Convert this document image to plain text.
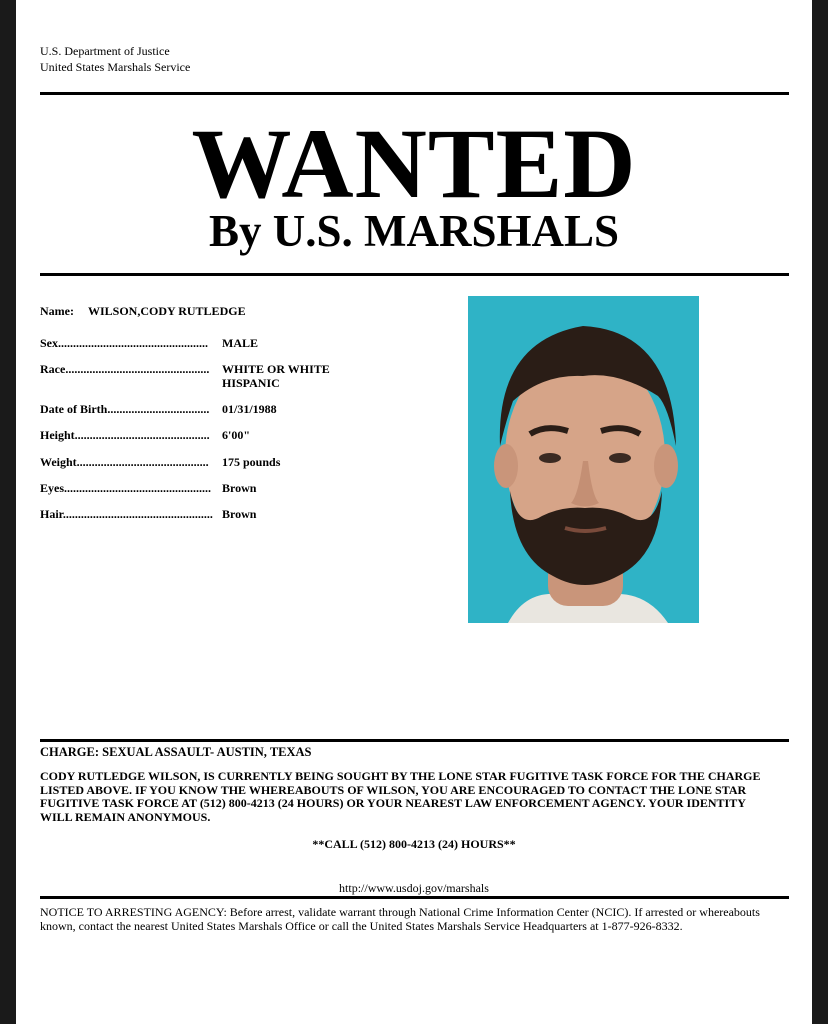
U.S. Department of Justice
United States Marshals Service
WANTED
By U.S. MARSHALS
Name: WILSON,CODY RUTLEDGE
Sex.................................................. MALE
Race................................................ WHITE OR WHITE HISPANIC
Date of Birth.................................. 01/31/1988
Height............................................. 6'00"
Weight............................................ 175 pounds
Eyes................................................. Brown
Hair.................................................. Brown
CHARGE: SEXUAL ASSAULT- AUSTIN, TEXAS
CODY RUTLEDGE WILSON, IS CURRENTLY BEING SOUGHT BY THE LONE STAR FUGITIVE TASK FORCE FOR THE CHARGE LISTED ABOVE. IF YOU KNOW THE WHEREABOUTS OF WILSON, YOU ARE ENCOURAGED TO CONTACT THE LONE STAR FUGITIVE TASK FORCE AT (512) 800-4213 (24 HOURS) OR YOUR NEAREST LAW ENFORCEMENT AGENCY. YOUR IDENTITY WILL REMAIN ANONYMOUS.
**CALL (512) 800-4213 (24) HOURS**
http://www.usdoj.gov/marshals
NOTICE TO ARRESTING AGENCY: Before arrest, validate warrant through National Crime Information Center (NCIC). If arrested or whereabouts known, contact the nearest United States Marshals Office or call the United States Marshals Service Headquarters at 1-877-926-8332.
